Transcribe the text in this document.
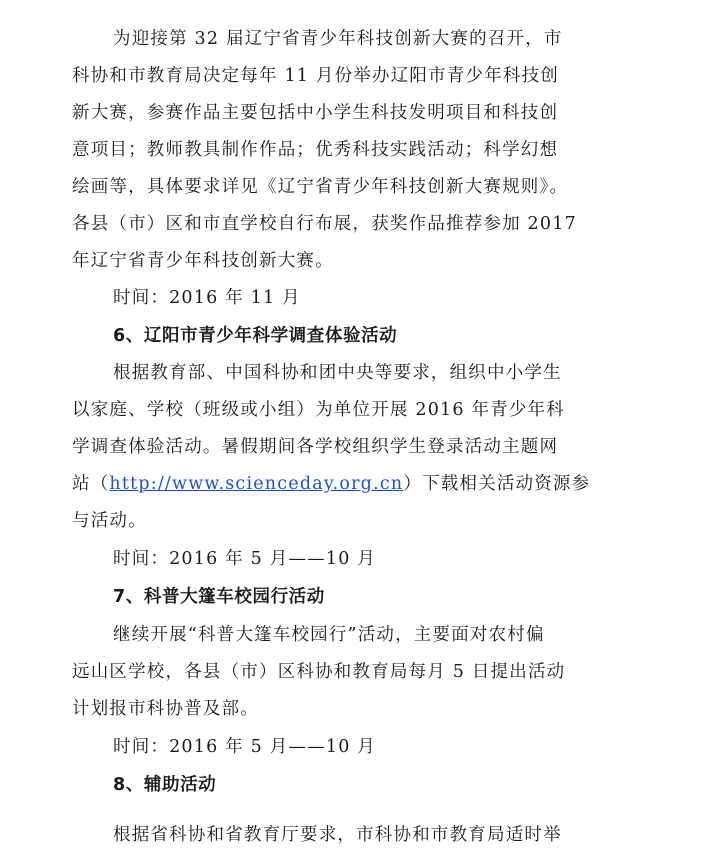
为迎接第 32 届辽宁省青少年科技创新大赛的召开，市
科协和市教育局决定每年 11 月份举办辽阳市青少年科技创
新大赛，参赛作品主要包括中小学生科技发明项目和科技创
意项目；教师教具制作作品；优秀科技实践活动；科学幻想
绘画等，具体要求详见《辽宁省青少年科技创新大赛规则》。
各县（市）区和市直学校自行布展，获奖作品推荐参加 2017
年辽宁省青少年科技创新大赛。
时间：2016 年 11 月
6、辽阳市青少年科学调查体验活动
根据教育部、中国科协和团中央等要求，组织中小学生
以家庭、学校（班级或小组）为单位开展 2016 年青少年科
学调查体验活动。暑假期间各学校组织学生登录活动主题网
站（http://www.scienceday.org.cn）下载相关活动资源参
与活动。
时间：2016 年 5 月——10 月
7、科普大篷车校园行活动
继续开展“科普大篷车校园行”活动，主要面对农村偏
远山区学校，各县（市）区科协和教育局每月 5 日提出活动
计划报市科协普及部。
时间：2016 年 5 月——10 月
8、辅助活动
根据省科协和省教育厅要求，市科协和市教育局适时举
